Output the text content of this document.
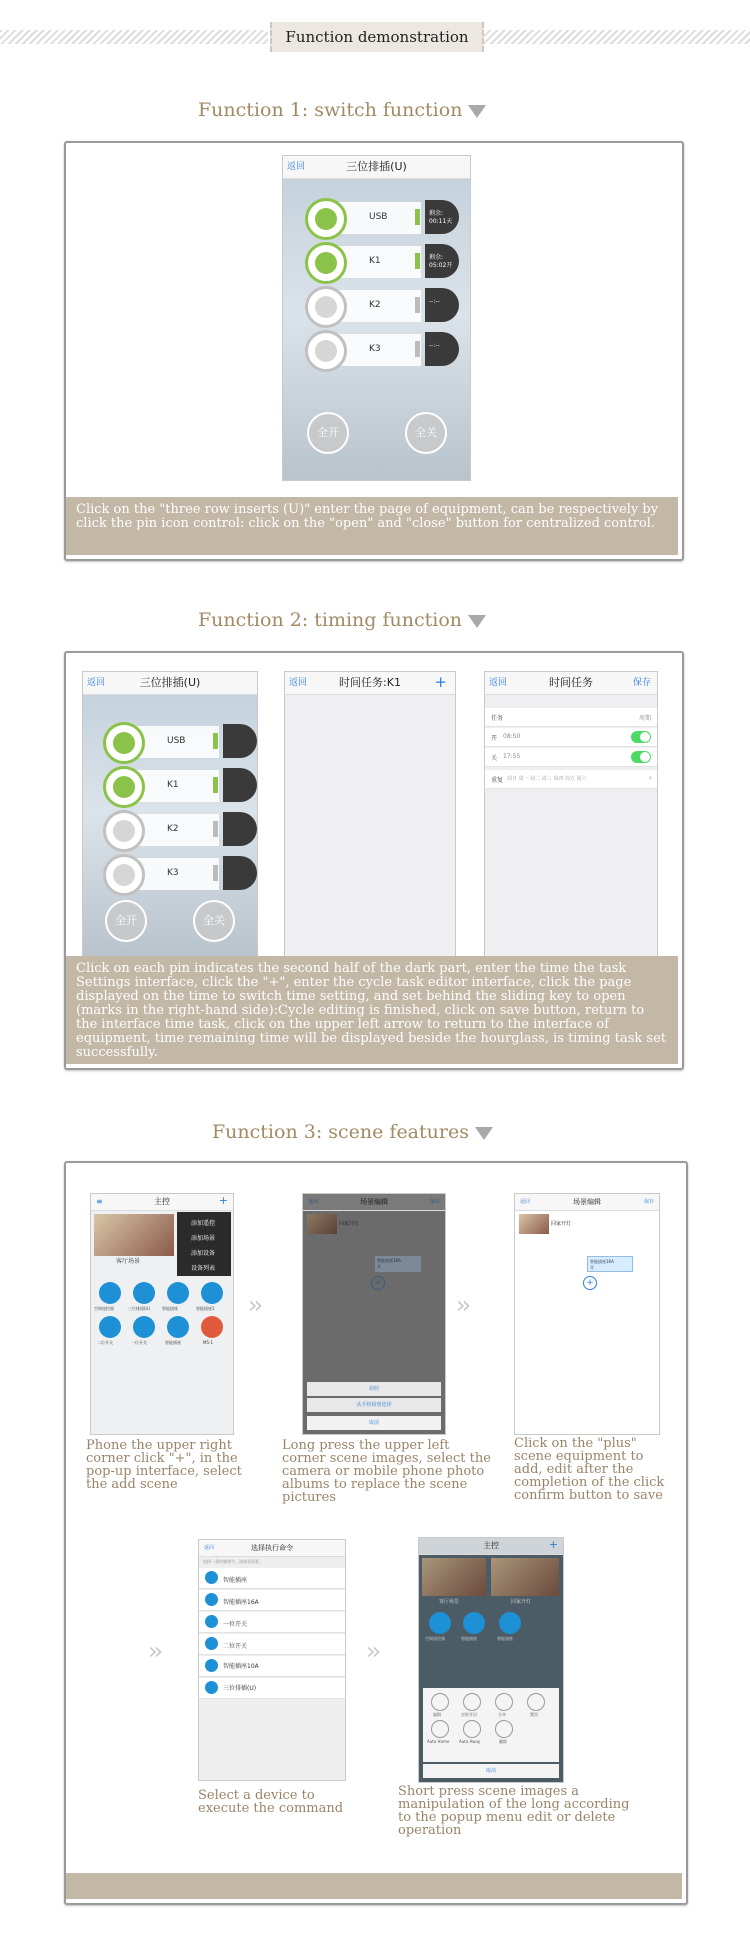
Function demonstration
Function 1: switch function
返回	三位排插(U)
USB	剩余: 00:11天
K1	剩余: 05:02开
K2	--:--
K3	--:--
全开	全关
Click on the "three row inserts (U)" enter the page of equipment, can be respectively by click the pin icon control: click on the "open" and "close" button for centralized control.
Function 2: timing function
返回	三位排插(U)
USB
K1
K2
K3
全开	全关
返回	时间任务:K1 +	返回	时间任务	保存
任务	周期
开 08:50
关 17:55
重复 周日 周一 周二 周三 周四 周五 周六	›
Click on each pin indicates the second half of the dark part, enter the time the task Settings interface, click the "+", enter the cycle task editor interface, click the page displayed on the time to switch time setting, and set behind the sliding key to open (marks in the right-hand side):Cycle editing is finished, click on save button, return to the interface time task, click on the upper left arrow to return to the interface of equipment, time remaining time will be displayed beside the hourglass, is timing task set successfully.
Function 3: scene features
≡	主控	+
客厅场景
添加遥控
添加场景
添加设备
设备列表
空调遥控器	三位排插(U)	智能插座	智能插座1
二位开关	一位开关	智能插座	M5-1
››
返回	场景编辑	保存
回家开灯
智能插座16A
开
+
拍照
从手机相册选择
取消
››
返回	场景编辑	保存
回家开灯
智能插座16A
开
+
Phone the upper right corner click "+", in the pop-up interface, select the add scene
Long press the upper left corner scene images, select the camera or mobile phone photo albums to replace the scene pictures
Click on the "plus" scene equipment to add, edit after the completion of the click confirm button to save
››
返回	选择执行命令
选择一条控制命令，添加至场景。
智能插座
智能插座16A
一位开关
二位开关
智能插座10A
三位排插(U)
››
主控	+
客厅场景	回家开灯
空调遥控器	智能插座	智能插座
编辑	定时开启	分享	置顶
Auto Home Auto Away	删除
取消
Select a device to execute the command
Short press scene images a manipulation of the long according to the popup menu edit or delete operation
